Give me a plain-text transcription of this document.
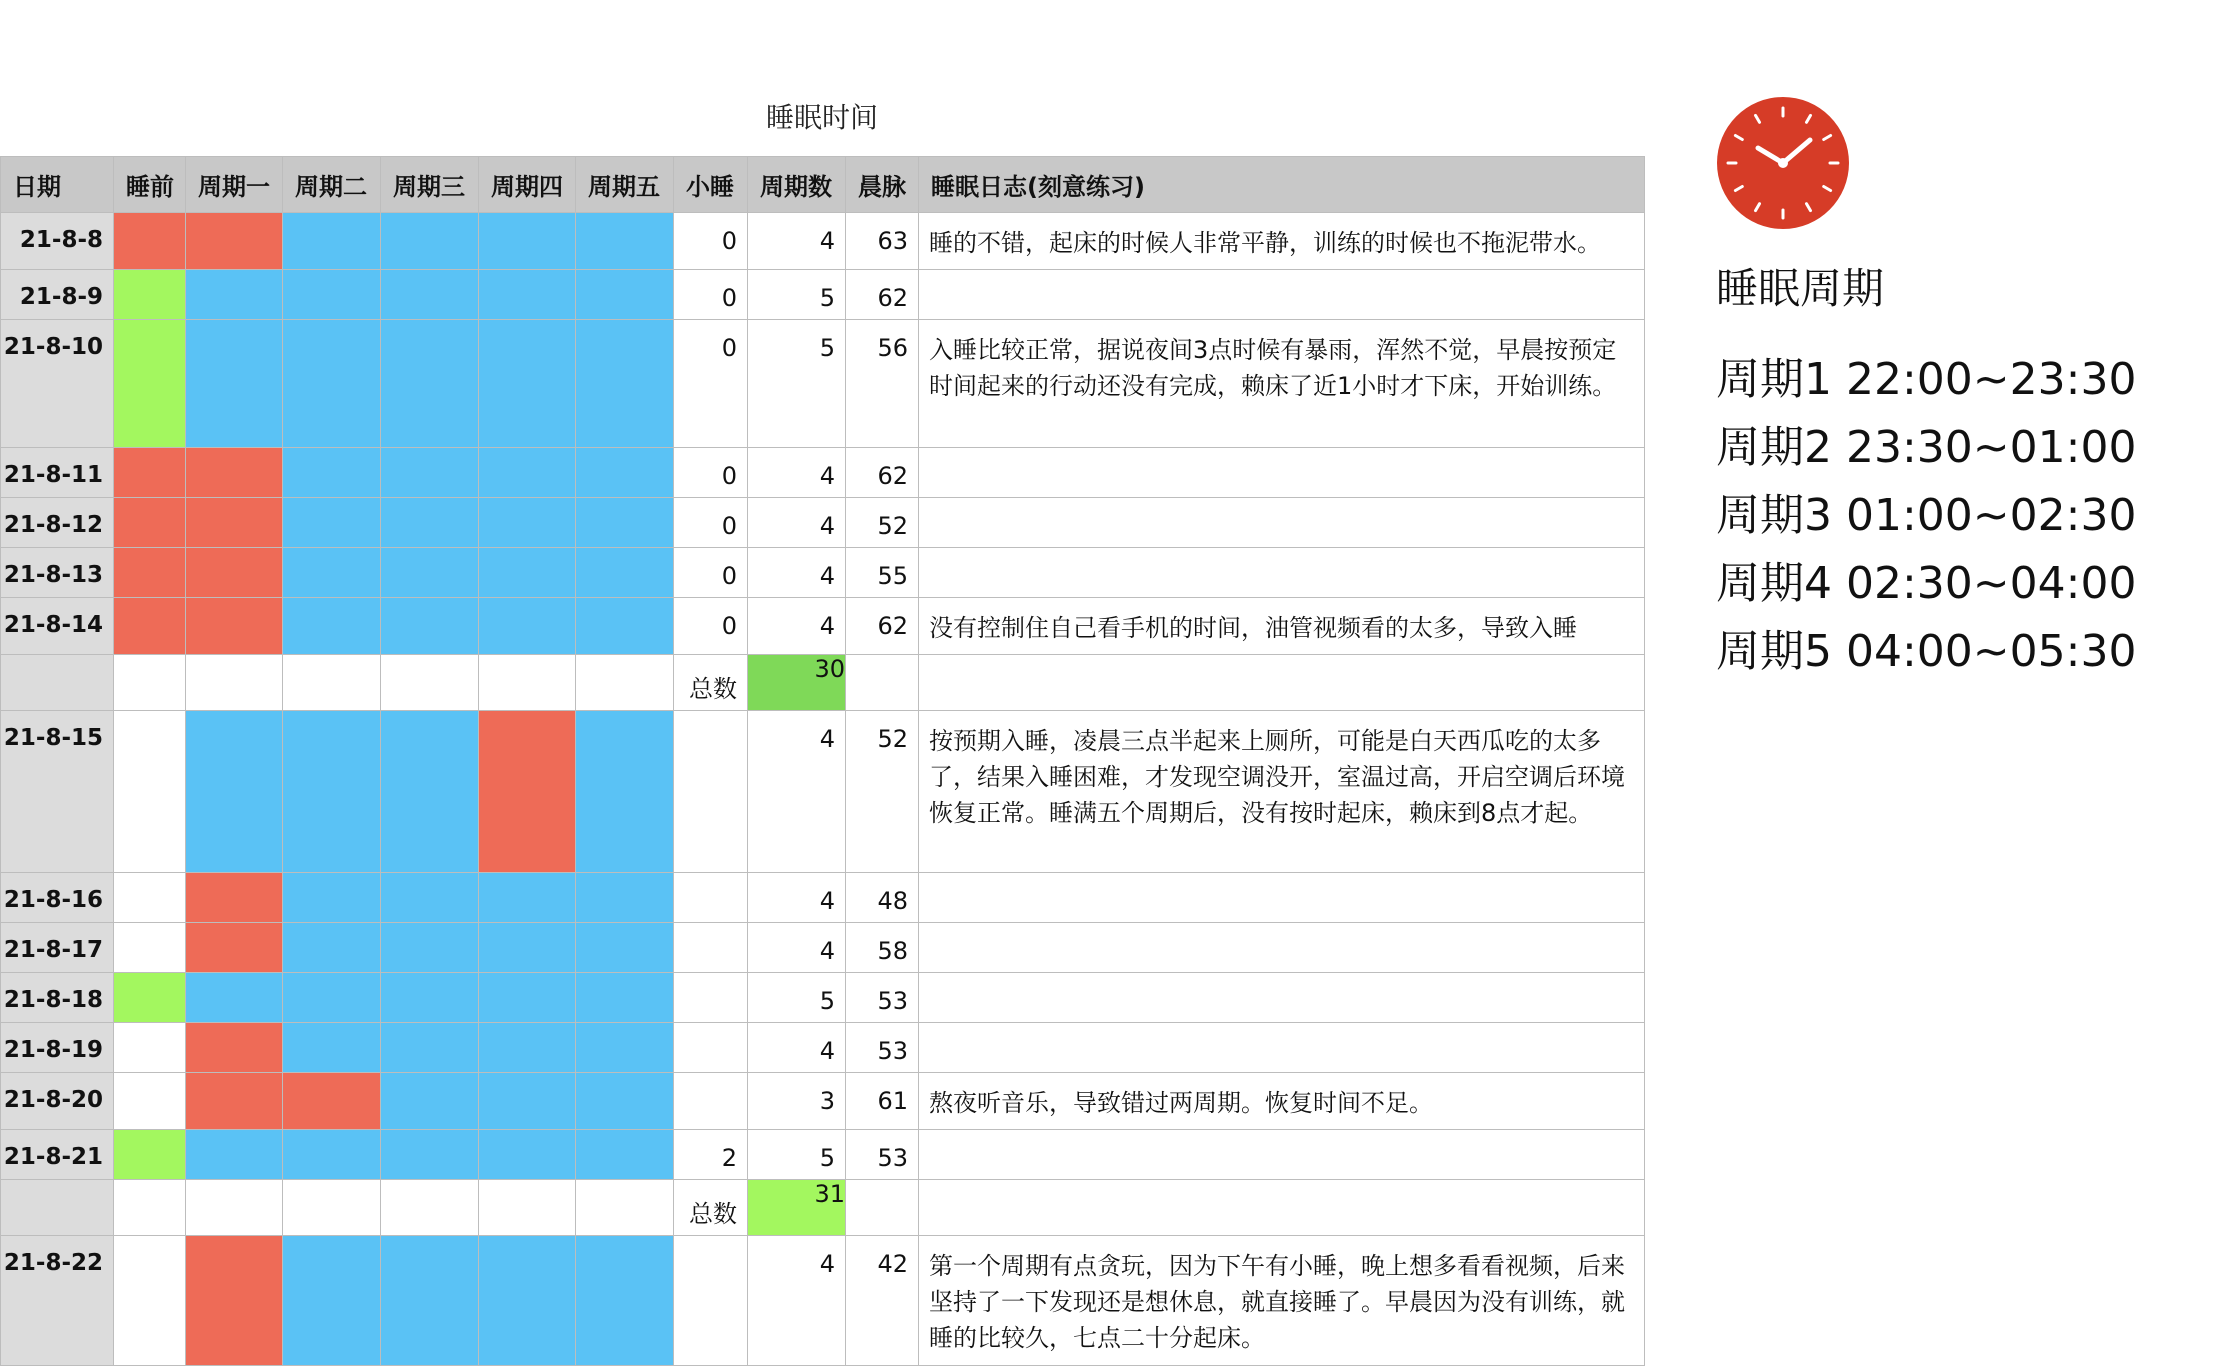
睡眠时间
日期	睡前	周期一	周期二	周期三	周期四	周期五	小睡	周期数	晨脉	睡眠日志(刻意练习)
21-8-8							0	4	63	睡的不错，起床的时候人非常平静，训练的时候也不拖泥带水。
21-8-9							0	5	62	
21-8-10							0	5	56	入睡比较正常，据说夜间3点时候有暴雨，浑然不觉，早晨按预定时间起来的行动还没有完成，赖床了近1小时才下床，开始训练。
21-8-11							0	4	62	
21-8-12							0	4	52	
21-8-13							0	4	55	
21-8-14							0	4	62	没有控制住自己看手机的时间，油管视频看的太多，导致入睡
							总数	30		
21-8-15								4	52	按预期入睡，凌晨三点半起来上厕所，可能是白天西瓜吃的太多了，结果入睡困难，才发现空调没开，室温过高，开启空调后环境恢复正常。睡满五个周期后，没有按时起床，赖床到8点才起。
21-8-16								4	48	
21-8-17								4	58	
21-8-18								5	53	
21-8-19								4	53	
21-8-20								3	61	熬夜听音乐，导致错过两周期。恢复时间不足。
21-8-21							2	5	53	
							总数	31		
21-8-22								4	42	第一个周期有点贪玩，因为下午有小睡，晚上想多看看视频，后来坚持了一下发现还是想休息，就直接睡了。早晨因为没有训练，就睡的比较久，七点二十分起床。
睡眠周期
周期1 22:00~23:30
周期2 23:30~01:00
周期3 01:00~02:30
周期4 02:30~04:00
周期5 04:00~05:30
